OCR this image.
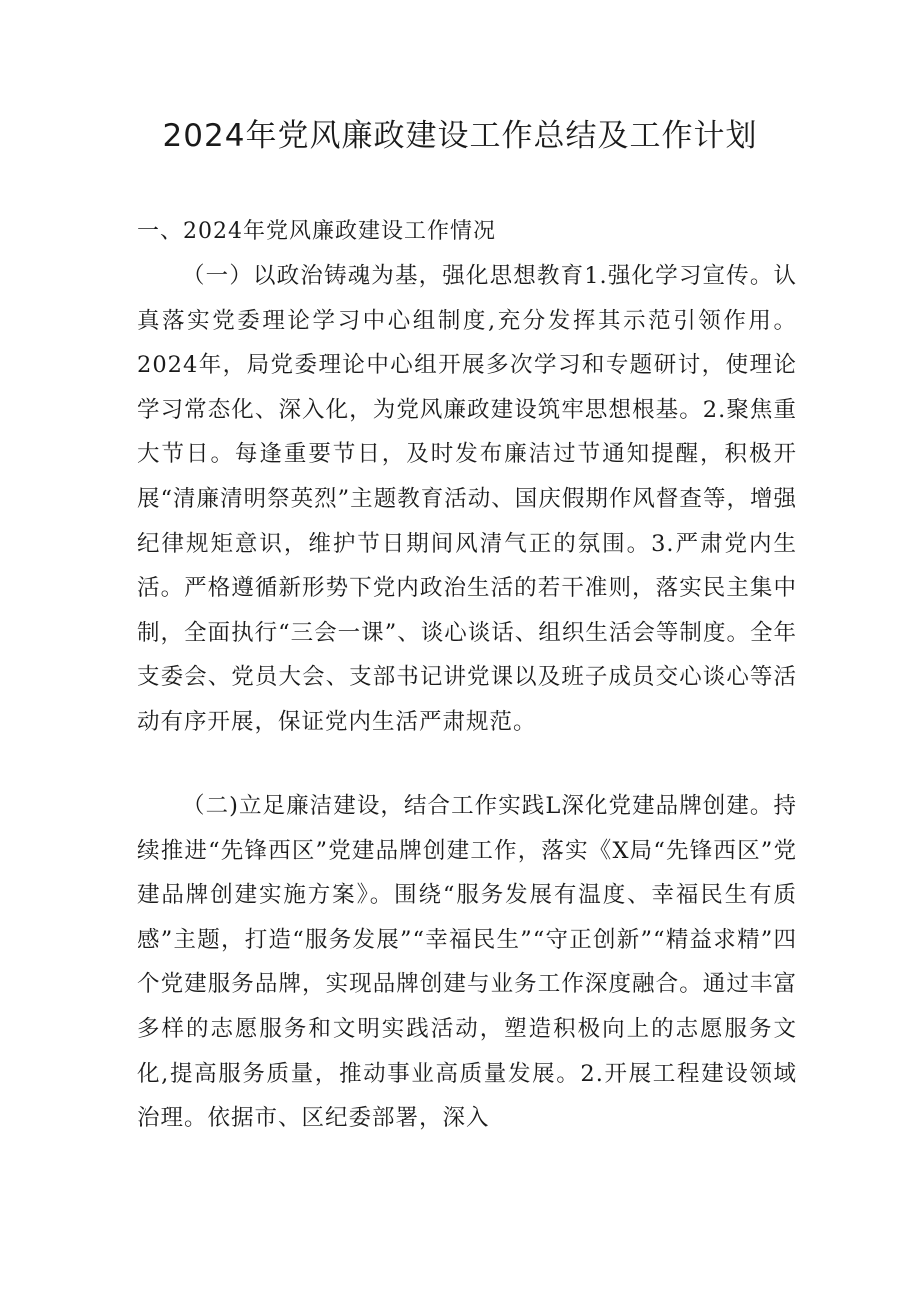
2024年党风廉政建设工作总结及工作计划
一、2024年党风廉政建设工作情况

（一）以政治铸魂为基，强化思想教育1.强化学习宣传。认真落实党委理论学习中心组制度,充分发挥其示范引领作用。2024年，局党委理论中心组开展多次学习和专题研讨，使理论学习常态化、深入化，为党风廉政建设筑牢思想根基。2.聚焦重大节日。每逢重要节日，及时发布廉洁过节通知提醒，积极开展“清廉清明祭英烈”主题教育活动、国庆假期作风督查等，增强纪律规矩意识，维护节日期间风清气正的氛围。3.严肃党内生活。严格遵循新形势下党内政治生活的若干准则，落实民主集中制，全面执行“三会一课”、谈心谈话、组织生活会等制度。全年支委会、党员大会、支部书记讲党课以及班子成员交心谈心等活动有序开展，保证党内生活严肃规范。

（二)立足廉洁建设，结合工作实践L深化党建品牌创建。持续推进“先锋西区”党建品牌创建工作，落实《X局“先锋西区”党建品牌创建实施方案》。围绕“服务发展有温度、幸福民生有质感”主题，打造“服务发展”“幸福民生”“守正创新”“精益求精”四个党建服务品牌，实现品牌创建与业务工作深度融合。通过丰富多样的志愿服务和文明实践活动，塑造积极向上的志愿服务文化,提高服务质量，推动事业高质量发展。2.开展工程建设领域治理。依据市、区纪委部署，深入
